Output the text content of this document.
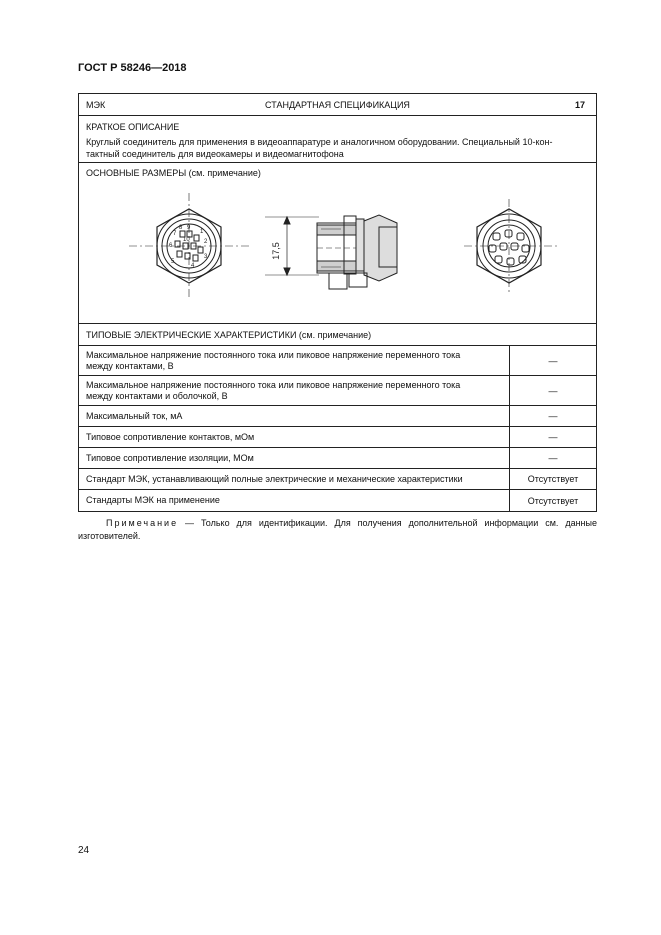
ГОСТ Р 58246—2018
МЭК	СТАНДАРТНАЯ СПЕЦИФИКАЦИЯ	17
КРАТКОЕ ОПИСАНИЕ
Круглый соединитель для применения в видеоаппаратуре и аналогичном оборудовании. Специальный 10-кон-
тактный соединитель для видеокамеры и видеомагнитофона
ОСНОВНЫЕ РАЗМЕРЫ (см. примечание)
8 9
10
1
2
3
4
5
6
7
17,5
ТИПОВЫЕ ЭЛЕКТРИЧЕСКИЕ ХАРАКТЕРИСТИКИ (см. примечание)
Максимальное напряжение постоянного тока или пиковое напряжение переменного тока
между контактами, В	—
Максимальное напряжение постоянного тока или пиковое напряжение переменного тока
между контактами и оболочкой, В	—
Максимальный ток, мА	—
Типовое сопротивление контактов, мОм	—
Типовое сопротивление изоляции, МОм	—
Стандарт МЭК, устанавливающий полные электрические и механические характеристики	Отсутствует
Стандарты МЭК на применение	Отсутствует
Примечание — Только для идентификации. Для получения дополнительной информации см. данные изготовителей.
24
